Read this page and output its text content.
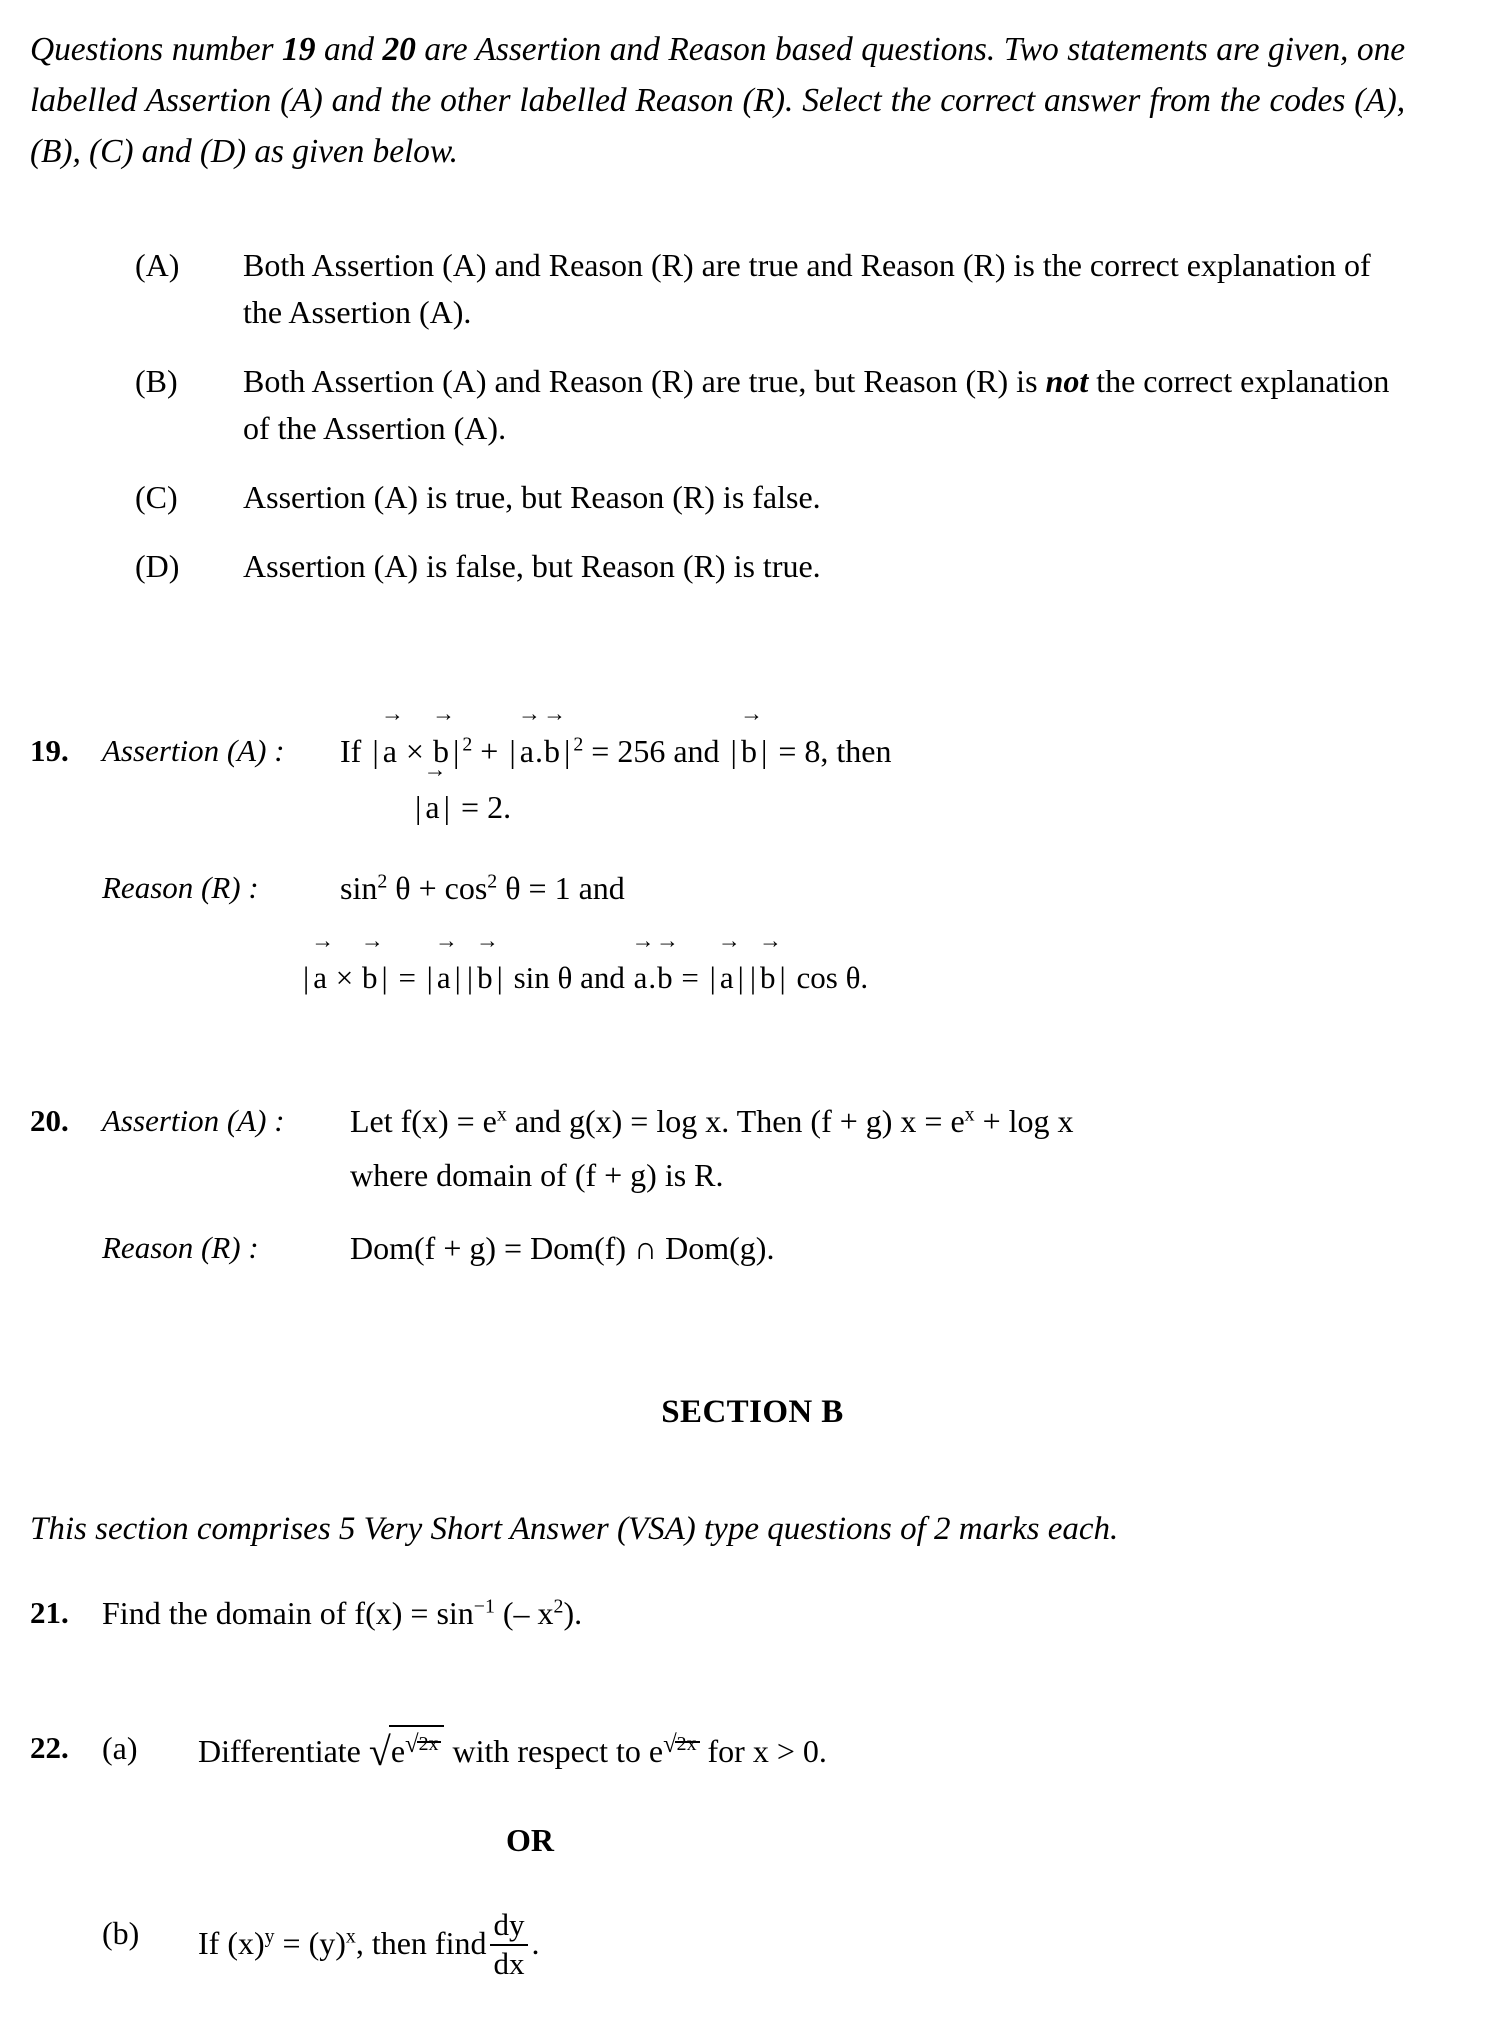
Questions number 19 and 20 are Assertion and Reason based questions. Two statements are given, one labelled Assertion (A) and the other labelled Reason (R). Select the correct answer from the codes (A), (B), (C) and (D) as given below.
(A)	Both Assertion (A) and Reason (R) are true and Reason (R) is the correct explanation of the Assertion (A).
(B)	Both Assertion (A) and Reason (R) are true, but Reason (R) is not the correct explanation of the Assertion (A).
(C)	Assertion (A) is true, but Reason (R) is false.
(D)	Assertion (A) is false, but Reason (R) is true.
19.	Assertion (A) :	If |
→
a ×
→
b | $^2$ + |
→
a.
→
b | $^2$ = 256 and |
→
b | = 8, then
|
→
a | = 2.
Reason (R) :	$\sin^2 \theta + \cos^2 \theta = 1$ and
|
→
a ×
→
b | = |
→
a | |
→
b | sin θ and
→
a.
→
b = |
→
a | |
→
b | cos θ.
20.	Assertion (A) :	Let $f(x) = e^x$ and g(x) = log x. Then (f + g) $x = e^x + \log x$
where domain of (f + g) is R.
Reason (R) :	Dom(f + g) = Dom(f) ∩ Dom(g).
SECTION B
This section comprises 5 Very Short Answer (VSA) type questions of 2 marks each.
21.	Find the domain of $f(x) = \sin^{-1}$ (– $x^2$).
22.	(a)	Differentiate $√e^{√2x}$ with respect to $e^{√2x}$ for x > 0.
OR
(b)	If $(x)^y = (y)^x$, then find $\frac{dy}{dx}$ .
